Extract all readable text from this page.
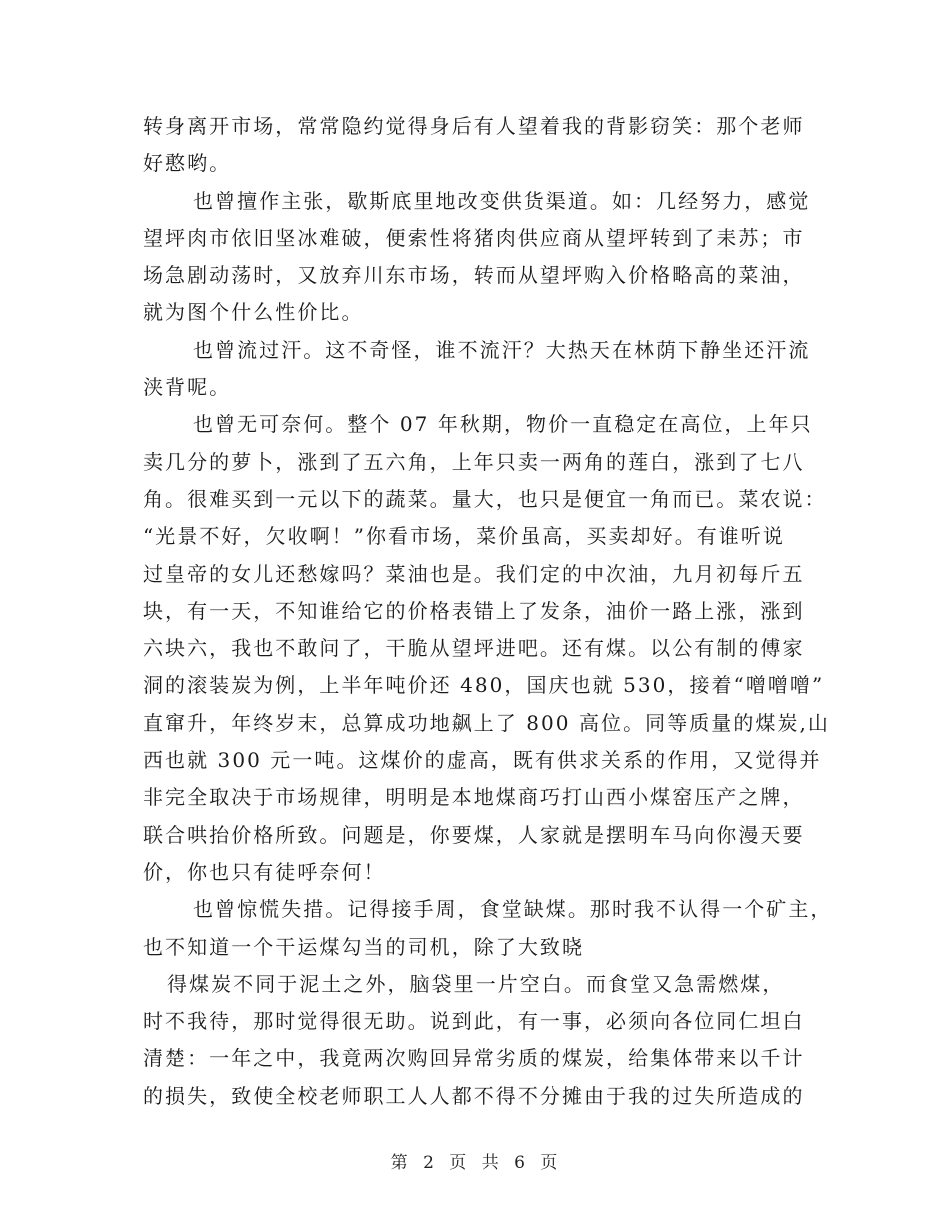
转身离开市场，常常隐约觉得身后有人望着我的背影窃笑：那个老师
好憨哟。
也曾擅作主张，歇斯底里地改变供货渠道。如：几经努力，感觉
望坪肉市依旧坚冰难破，便索性将猪肉供应商从望坪转到了耒苏；市
场急剧动荡时，又放弃川东市场，转而从望坪购入价格略高的菜油，
就为图个什么性价比。
也曾流过汗。这不奇怪，谁不流汗？大热天在林荫下静坐还汗流
浃背呢。
也曾无可奈何。整个 07 年秋期，物价一直稳定在高位，上年只
卖几分的萝卜，涨到了五六角，上年只卖一两角的莲白，涨到了七八
角。很难买到一元以下的蔬菜。量大，也只是便宜一角而已。菜农说：
“光景不好，欠收啊！”你看市场，菜价虽高，买卖却好。有谁听说
过皇帝的女儿还愁嫁吗？菜油也是。我们定的中次油，九月初每斤五
块，有一天，不知谁给它的价格表错上了发条，油价一路上涨，涨到
六块六，我也不敢问了，干脆从望坪进吧。还有煤。以公有制的傅家
洞的滚装炭为例，上半年吨价还 480，国庆也就 530，接着“噌噌噌”
直窜升，年终岁末，总算成功地飙上了 800 高位。同等质量的煤炭,山
西也就 300 元一吨。这煤价的虚高，既有供求关系的作用，又觉得并
非完全取决于市场规律，明明是本地煤商巧打山西小煤窑压产之牌，
联合哄抬价格所致。问题是，你要煤，人家就是摆明车马向你漫天要
价，你也只有徒呼奈何！
也曾惊慌失措。记得接手周，食堂缺煤。那时我不认得一个矿主，
也不知道一个干运煤勾当的司机，除了大致晓
得煤炭不同于泥土之外，脑袋里一片空白。而食堂又急需燃煤，
时不我待，那时觉得很无助。说到此，有一事，必须向各位同仁坦白
清楚：一年之中，我竟两次购回异常劣质的煤炭，给集体带来以千计
的损失，致使全校老师职工人人都不得不分摊由于我的过失所造成的
第 2 页 共 6 页
